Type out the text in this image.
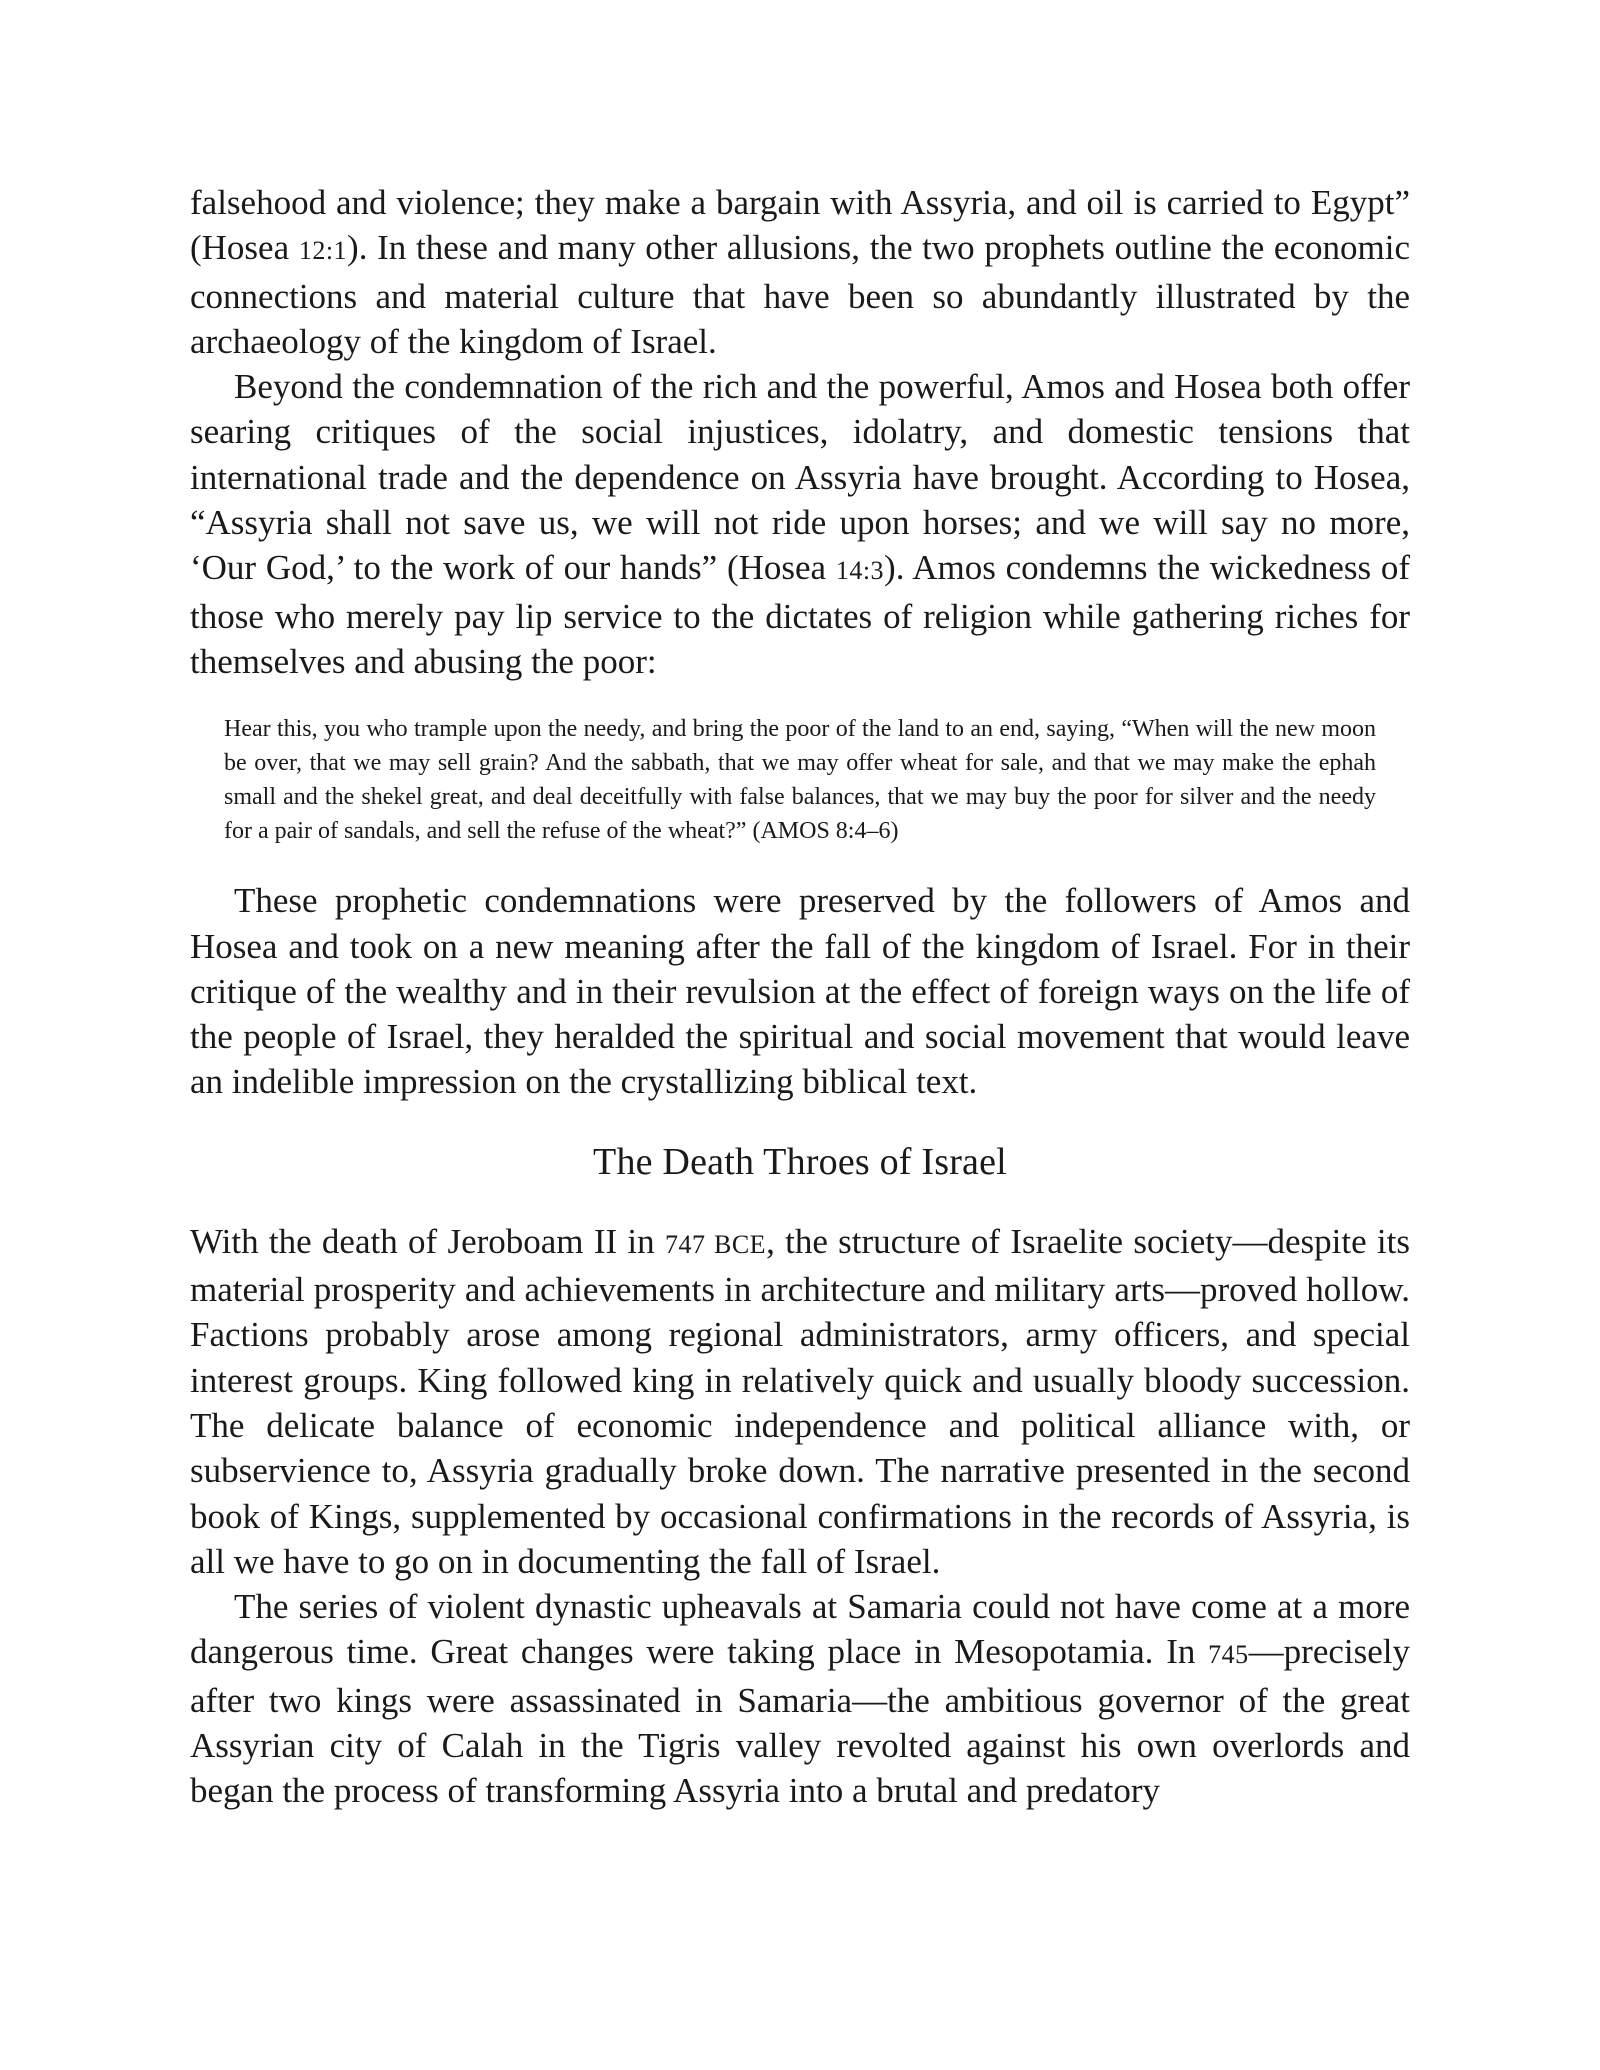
falsehood and violence; they make a bargain with Assyria, and oil is carried to Egypt” (Hosea 12:1). In these and many other allusions, the two prophets outline the economic connections and material culture that have been so abundantly illustrated by the archaeology of the kingdom of Israel.

Beyond the condemnation of the rich and the powerful, Amos and Hosea both offer searing critiques of the social injustices, idolatry, and domestic tensions that international trade and the dependence on Assyria have brought. According to Hosea, “Assyria shall not save us, we will not ride upon horses; and we will say no more, ‘Our God,’ to the work of our hands” (Hosea 14:3). Amos condemns the wickedness of those who merely pay lip service to the dictates of religion while gathering riches for themselves and abusing the poor:

Hear this, you who trample upon the needy, and bring the poor of the land to an end, saying, “When will the new moon be over, that we may sell grain? And the sabbath, that we may offer wheat for sale, and that we may make the ephah small and the shekel great, and deal deceitfully with false balances, that we may buy the poor for silver and the needy for a pair of sandals, and sell the refuse of the wheat?” (AMOS 8:4–6)

These prophetic condemnations were preserved by the followers of Amos and Hosea and took on a new meaning after the fall of the kingdom of Israel. For in their critique of the wealthy and in their revulsion at the effect of foreign ways on the life of the people of Israel, they heralded the spiritual and social movement that would leave an indelible impression on the crystallizing biblical text.

The Death Throes of Israel

With the death of Jeroboam II in 747 BCE, the structure of Israelite society—despite its material prosperity and achievements in architecture and military arts—proved hollow. Factions probably arose among regional administrators, army officers, and special interest groups. King followed king in relatively quick and usually bloody succession. The delicate balance of economic independence and political alliance with, or subservience to, Assyria gradually broke down. The narrative presented in the second book of Kings, supplemented by occasional confirmations in the records of Assyria, is all we have to go on in documenting the fall of Israel.

The series of violent dynastic upheavals at Samaria could not have come at a more dangerous time. Great changes were taking place in Mesopotamia. In 745—precisely after two kings were assassinated in Samaria—the ambitious governor of the great Assyrian city of Calah in the Tigris valley revolted against his own overlords and began the process of transforming Assyria into a brutal and predatory
